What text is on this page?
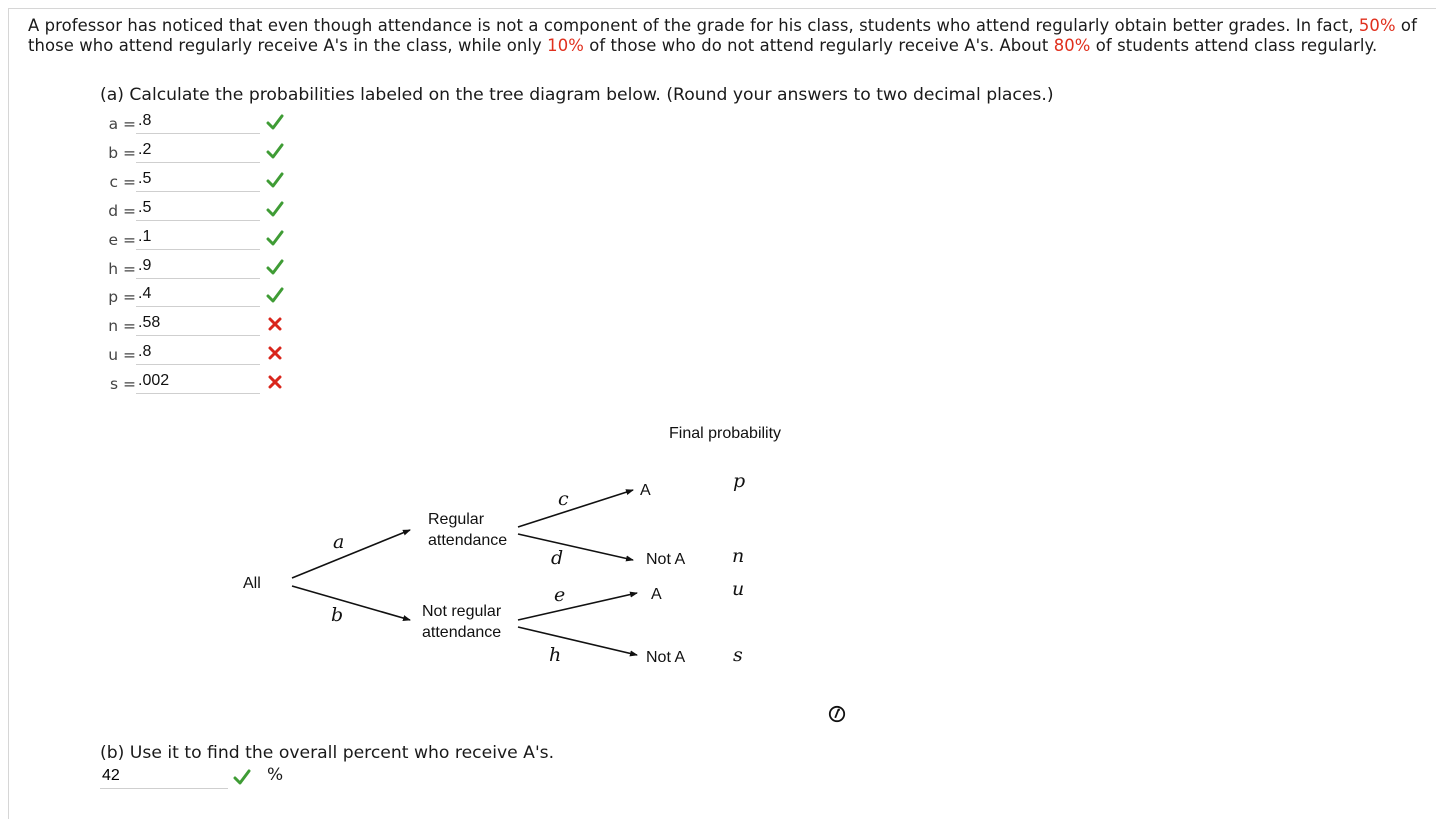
A professor has noticed that even though attendance is not a component of the grade for his class, students who attend regularly obtain better grades. In fact, 50% of those who attend regularly receive A's in the class, while only 10% of those who do not attend regularly receive A's. About 80% of students attend class regularly.

(a) Calculate the probabilities labeled on the tree diagram below. (Round your answers to two decimal places.)

a =
.8
b =
.2
c =
.5
d =
.5
e =
.1
h =
.9
p =
.4
n =
.58
u =
.8
s =
.002
Final probability
All
Regular
attendance
Not regular
attendance
A
Not A
A
Not A
a
b
c
d
e
h
p
n
u
s

(b) Use it to find the overall percent who receive A's.

42
%
